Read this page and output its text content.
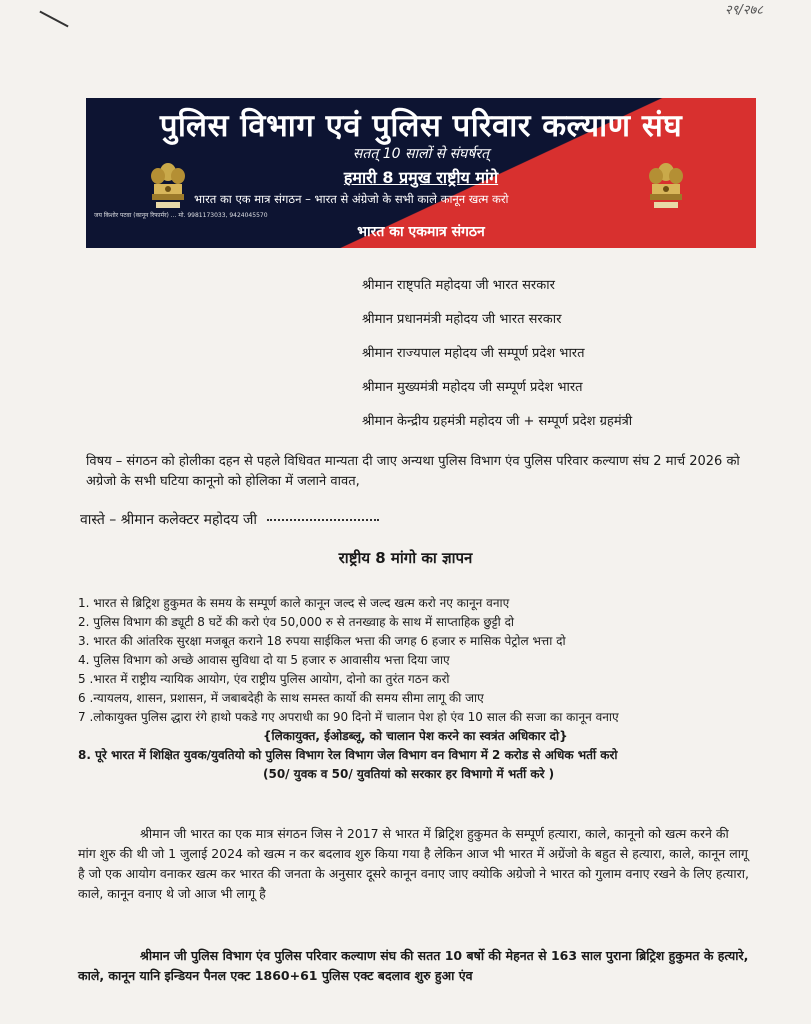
२९/२७८
पुलिस विभाग एवं पुलिस परिवार कल्याण संघ
सतत् 10 सालों से संघर्षरत्
हमारी 8 प्रमुख राष्ट्रीय मांगे
भारत का एक मात्र संगठन – भारत से अंग्रेजो के सभी काले कानून खत्म करो
भारत का एकमात्र संगठन
जय किशोर पटवा (कानून रिफार्मर) ... मो. 9981173033, 9424045570
श्रीमान राष्ट्पति महोदया जी भारत सरकार
श्रीमान प्रधानमंत्री महोदय जी भारत सरकार
श्रीमान राज्यपाल महोदय जी सम्पूर्ण प्रदेश भारत
श्रीमान मुख्यमंत्री महोदय जी सम्पूर्ण प्रदेश भारत
श्रीमान केन्द्रीय ग्रहमंत्री महोदय जी + सम्पूर्ण प्रदेश ग्रहमंत्री
विषय – संगठन को होलीका दहन से पहले विधिवत मान्यता दी जाए अन्यथा पुलिस विभाग एंव पुलिस परिवार कल्याण संघ 2 मार्च 2026 को अग्रेजो के सभी घटिया कानूनो को होलिका में जलाने वावत,
वास्ते – श्रीमान कलेक्टर महोदय जी
राष्ट्रीय 8 मांगो का ज्ञापन
1. भारत से ब्रिट्रिश हुकुमत के समय के सम्पूर्ण काले कानून जल्द से जल्द खत्म करो नए कानून वनाए
2. पुलिस विभाग की ड्यूटी 8 घटें की करो एंव 50,000 रु से तनख्वाह के साथ में साप्ताहिक छुट्टी दो
3. भारत की आंतरिक सुरक्षा मजबूत कराने 18 रुपया साईकिल भत्ता की जगह 6 हजार रु मासिक पेट्रोल भत्ता दो
4. पुलिस विभाग को अच्छे आवास सुविधा दो या 5 हजार रु आवासीय भत्ता दिया जाए
5 .भारत में राष्ट्रीय न्यायिक आयोग, एंव राष्ट्रीय पुलिस आयोग, दोनो का तुरंत गठन करो
6 .न्यायलय, शासन, प्रशासन, में जबाबदेही के साथ समस्त कार्यो की समय सीमा लागू की जाए
7 .लोकायुक्त पुलिस द्धारा रंगे हाथो पकडे गए अपराधी का 90 दिनो में चालान पेश हो एंव 10 साल की सजा का कानून वनाए
{लिकायुक्त, ईओडब्लू, को चालान पेश करने का स्वत्रंत अधिकार दो}
8. पूरे भारत में शिक्षित युवक/युवतियो को पुलिस विभाग रेल विभाग जेल विभाग वन विभाग में 2 करोड से अधिक भर्ती करो
(50/ युवक व 50/ युवतियां को सरकार हर विभागो में भर्ती करे )
श्रीमान जी भारत का एक मात्र संगठन जिस ने 2017 से भारत में ब्रिट्रिश हुकुमत के सम्पूर्ण हत्यारा, काले, कानूनो को खत्म करने की मांग शुरु की थी जो 1 जुलाई 2024 को खत्म न कर बदलाव शुरु किया गया है लेकिन आज भी भारत में अग्रेंजो के बहुत से हत्यारा, काले, कानून लागू है जो एक आयोग वनाकर खत्म कर भारत की जनता के अनुसार दूसरे कानून वनाए जाए क्योकि अग्रेजो ने भारत को गुलाम वनाए रखने के लिए हत्यारा, काले, कानून वनाए थे जो आज भी लागू है
श्रीमान जी पुलिस विभाग एंव पुलिस परिवार कल्याण संघ की सतत 10 बर्षो की मेहनत से 163 साल पुराना ब्रिट्रिश हुकुमत के हत्यारे, काले, कानून यानि इन्डियन पैनल एक्ट 1860+61 पुलिस एक्ट बदलाव शुरु हुआ एंव
